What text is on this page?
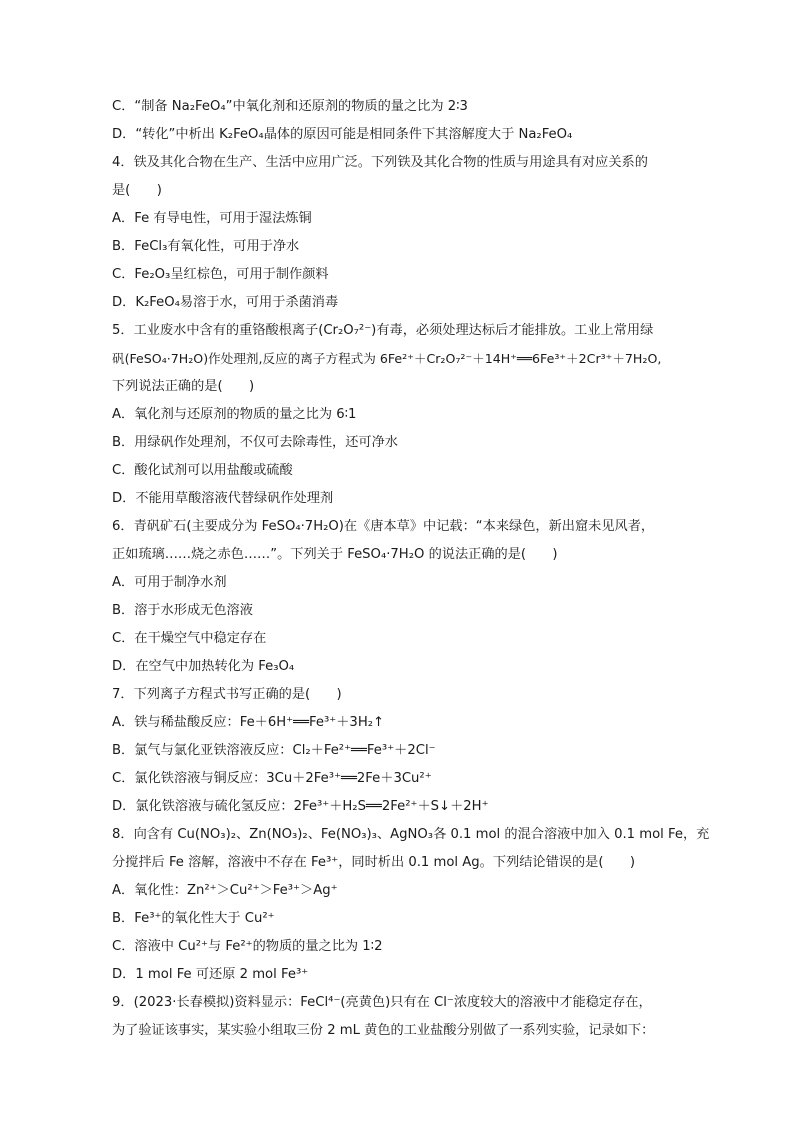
C．“制备 Na₂FeO₄”中氧化剂和还原剂的物质的量之比为 2∶3
D．“转化”中析出 K₂FeO₄晶体的原因可能是相同条件下其溶解度大于 Na₂FeO₄
4．铁及其化合物在生产、生活中应用广泛。下列铁及其化合物的性质与用途具有对应关系的
是(　　)
A．Fe 有导电性，可用于湿法炼铜
B．FeCl₃有氧化性，可用于净水
C．Fe₂O₃呈红棕色，可用于制作颜料
D．K₂FeO₄易溶于水，可用于杀菌消毒
5．工业废水中含有的重铬酸根离子(Cr₂O₇²⁻)有毒，必须处理达标后才能排放。工业上常用绿
矾(FeSO₄·7H₂O)作处理剂,反应的离子方程式为 6Fe²⁺＋Cr₂O₇²⁻＋14H⁺══6Fe³⁺＋2Cr³⁺＋7H₂O,
下列说法正确的是(　　)
A．氧化剂与还原剂的物质的量之比为 6∶1
B．用绿矾作处理剂，不仅可去除毒性，还可净水
C．酸化试剂可以用盐酸或硫酸
D．不能用草酸溶液代替绿矾作处理剂
6．青矾矿石(主要成分为 FeSO₄·7H₂O)在《唐本草》中记载：“本来绿色，新出窟未见风者，
正如琉璃……烧之赤色……”。下列关于 FeSO₄·7H₂O 的说法正确的是(　　)
A．可用于制净水剂
B．溶于水形成无色溶液
C．在干燥空气中稳定存在
D．在空气中加热转化为 Fe₃O₄
7．下列离子方程式书写正确的是(　　)
A．铁与稀盐酸反应：Fe＋6H⁺══Fe³⁺＋3H₂↑
B．氯气与氯化亚铁溶液反应：Cl₂＋Fe²⁺══Fe³⁺＋2Cl⁻
C．氯化铁溶液与铜反应：3Cu＋2Fe³⁺══2Fe＋3Cu²⁺
D．氯化铁溶液与硫化氢反应：2Fe³⁺＋H₂S══2Fe²⁺＋S↓＋2H⁺
8．向含有 Cu(NO₃)₂、Zn(NO₃)₂、Fe(NO₃)₃、AgNO₃各 0.1 mol 的混合溶液中加入 0.1 mol Fe，充
分搅拌后 Fe 溶解，溶液中不存在 Fe³⁺，同时析出 0.1 mol Ag。下列结论错误的是(　　)
A．氧化性：Zn²⁺＞Cu²⁺＞Fe³⁺＞Ag⁺
B．Fe³⁺的氧化性大于 Cu²⁺
C．溶液中 Cu²⁺与 Fe²⁺的物质的量之比为 1∶2
D．1 mol Fe 可还原 2 mol Fe³⁺
9．(2023·长春模拟)资料显示：FeCl⁴⁻(亮黄色)只有在 Cl⁻浓度较大的溶液中才能稳定存在，
为了验证该事实，某实验小组取三份 2 mL 黄色的工业盐酸分别做了一系列实验，记录如下：
